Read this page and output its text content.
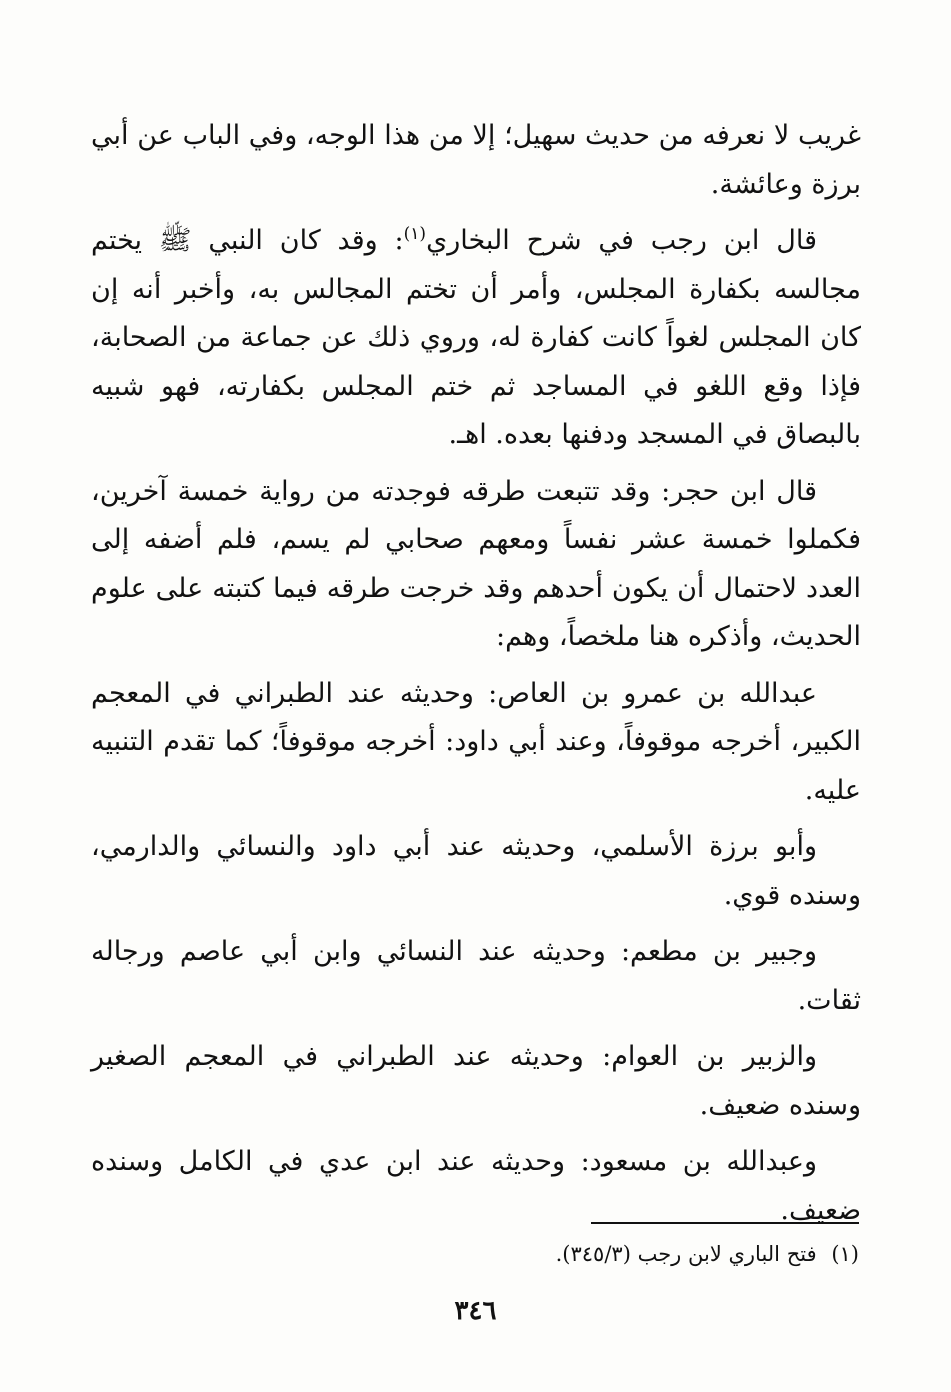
غريب لا نعرفه من حديث سهيل؛ إلا من هذا الوجه، وفي الباب عن أبي برزة وعائشة.

قال ابن رجب في شرح البخاري$^{(١)}$: وقد كان النبي ﷺ يختم مجالسه بكفارة المجلس، وأمر أن تختم المجالس به، وأخبر أنه إن كان المجلس لغواً كانت كفارة له، وروي ذلك عن جماعة من الصحابة، فإذا وقع اللغو في المساجد ثم ختم المجلس بكفارته، فهو شبيه بالبصاق في المسجد ودفنها بعده. اهـ.

قال ابن حجر: وقد تتبعت طرقه فوجدته من رواية خمسة آخرين، فكملوا خمسة عشر نفساً ومعهم صحابي لم يسم، فلم أضفه إلى العدد لاحتمال أن يكون أحدهم وقد خرجت طرقه فيما كتبته على علوم الحديث، وأذكره هنا ملخصاً، وهم:

عبدالله بن عمرو بن العاص: وحديثه عند الطبراني في المعجم الكبير، أخرجه موقوفاً، وعند أبي داود: أخرجه موقوفاً؛ كما تقدم التنبيه عليه.

وأبو برزة الأسلمي، وحديثه عند أبي داود والنسائي والدارمي، وسنده قوي.

وجبير بن مطعم: وحديثه عند النسائي وابن أبي عاصم ورجاله ثقات.

والزبير بن العوام: وحديثه عند الطبراني في المعجم الصغير وسنده ضعيف.

وعبدالله بن مسعود: وحديثه عند ابن عدي في الكامل وسنده ضعيف.

(١) فتح الباري لابن رجب (٣٤٥/٣).
٣٤٦
